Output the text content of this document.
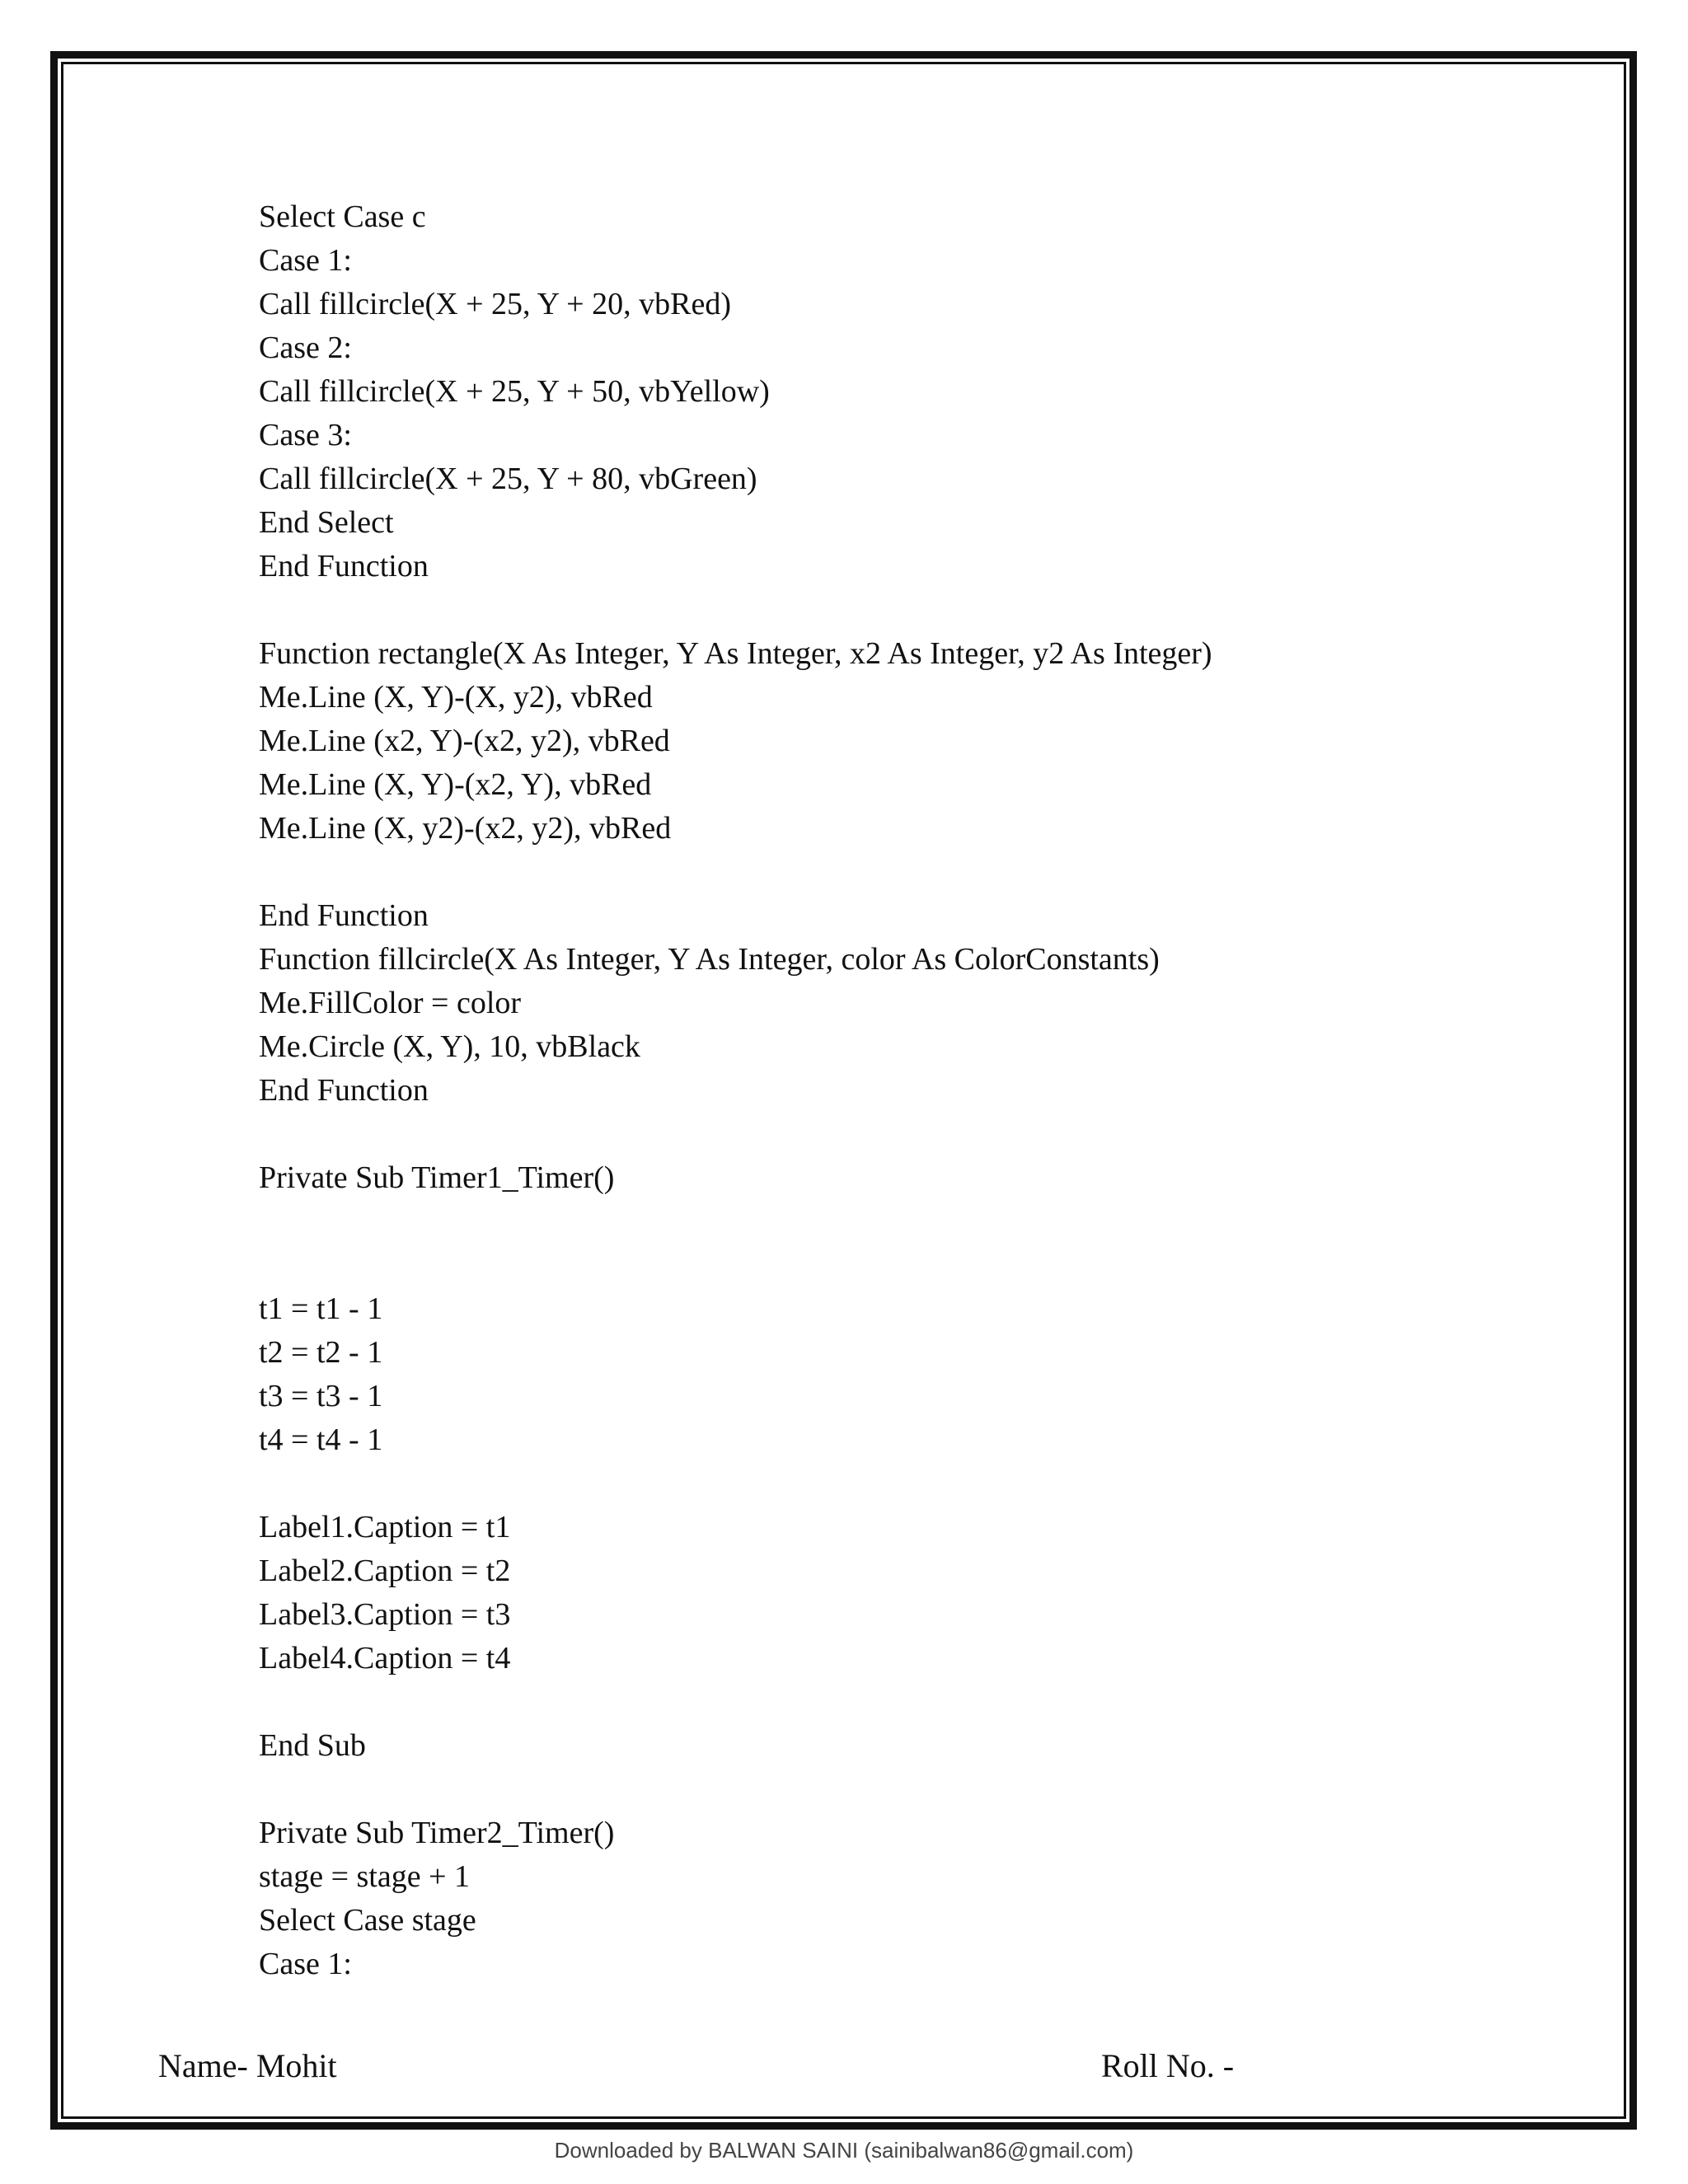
Select Case c
Case 1:
Call fillcircle(X + 25, Y + 20, vbRed)
Case 2:
Call fillcircle(X + 25, Y + 50, vbYellow)
Case 3:
Call fillcircle(X + 25, Y + 80, vbGreen)
End Select
End Function
Function rectangle(X As Integer, Y As Integer, x2 As Integer, y2 As Integer)
Me.Line (X, Y)-(X, y2), vbRed
Me.Line (x2, Y)-(x2, y2), vbRed
Me.Line (X, Y)-(x2, Y), vbRed
Me.Line (X, y2)-(x2, y2), vbRed
End Function
Function fillcircle(X As Integer, Y As Integer, color As ColorConstants)
Me.FillColor = color
Me.Circle (X, Y), 10, vbBlack
End Function
Private Sub Timer1_Timer()
t1 = t1 - 1
t2 = t2 - 1
t3 = t3 - 1
t4 = t4 - 1
Label1.Caption = t1
Label2.Caption = t2
Label3.Caption = t3
Label4.Caption = t4
End Sub
Private Sub Timer2_Timer()
stage = stage + 1
Select Case stage
Case 1:
Name- Mohit	Roll No. -
Downloaded by BALWAN SAINI (sainibalwan86@gmail.com)
